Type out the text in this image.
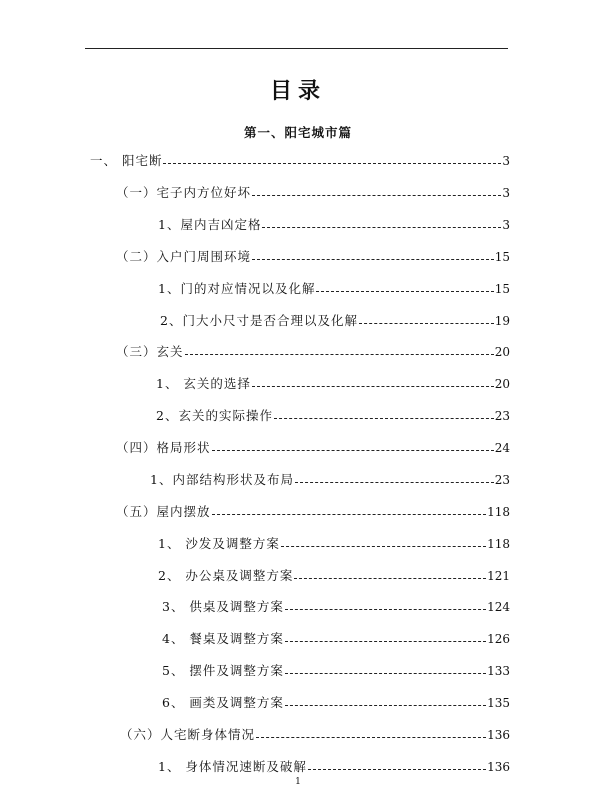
目录
第一、阳宅城市篇
一、 阳宅断	3
（一）宅子内方位好坏	3
1、屋内吉凶定格	3
（二）入户门周围环境	15
1、门的对应情况以及化解	15
2、门大小尺寸是否合理以及化解	19
（三）玄关	20
1、 玄关的选择	20
2、玄关的实际操作	23
（四）格局形状	24
1、内部结构形状及布局	23
（五）屋内摆放	118
1、 沙发及调整方案	118
2、 办公桌及调整方案	121
3、 供桌及调整方案	124
4、 餐桌及调整方案	126
5、 摆件及调整方案	133
6、 画类及调整方案	135
（六）人宅断身体情况	136
1、 身体情况速断及破解	136
1
